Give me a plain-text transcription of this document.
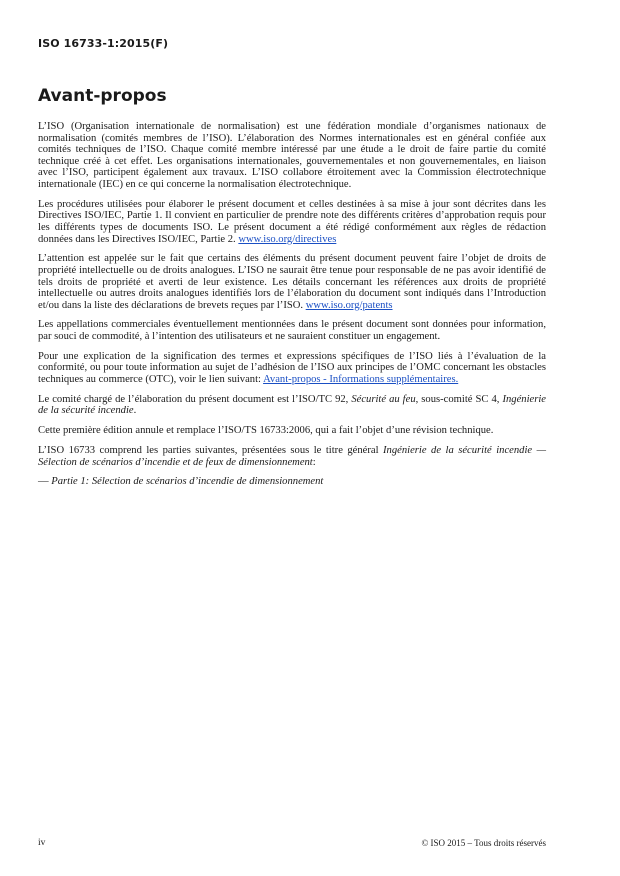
ISO 16733-1:2015(F)
Avant-propos

L’ISO (Organisation internationale de normalisation) est une fédération mondiale d’organismes nationaux de normalisation (comités membres de l’ISO). L’élaboration des Normes internationales est en général confiée aux comités techniques de l’ISO. Chaque comité membre intéressé par une étude a le droit de faire partie du comité technique créé à cet effet. Les organisations internationales, gouvernementales et non gouvernementales, en liaison avec l’ISO, participent également aux travaux. L’ISO collabore étroitement avec la Commission électrotechnique internationale (IEC) en ce qui concerne la normalisation électrotechnique.

Les procédures utilisées pour élaborer le présent document et celles destinées à sa mise à jour sont décrites dans les Directives ISO/IEC, Partie 1. Il convient en particulier de prendre note des différents critères d’approbation requis pour les différents types de documents ISO. Le présent document a été rédigé conformément aux règles de rédaction données dans les Directives ISO/IEC, Partie 2. www.iso.org/directives

L’attention est appelée sur le fait que certains des éléments du présent document peuvent faire l’objet de droits de propriété intellectuelle ou de droits analogues. L’ISO ne saurait être tenue pour responsable de ne pas avoir identifié de tels droits de propriété et averti de leur existence. Les détails concernant les références aux droits de propriété intellectuelle ou autres droits analogues identifiés lors de l’élaboration du document sont indiqués dans l’Introduction et/ou dans la liste des déclarations de brevets reçues par l’ISO. www.iso.org/patents

Les appellations commerciales éventuellement mentionnées dans le présent document sont données pour information, par souci de commodité, à l’intention des utilisateurs et ne sauraient constituer un engagement.

Pour une explication de la signification des termes et expressions spécifiques de l’ISO liés à l’évaluation de la conformité, ou pour toute information au sujet de l’adhésion de l’ISO aux principes de l’OMC concernant les obstacles techniques au commerce (OTC), voir le lien suivant: Avant-propos - Informations supplémentaires.

Le comité chargé de l’élaboration du présent document est l’ISO/TC 92, Sécurité au feu, sous-comité SC 4, Ingénierie de la sécurité incendie.

Cette première édition annule et remplace l’ISO/TS 16733:2006, qui a fait l’objet d’une révision technique.

L’ISO 16733 comprend les parties suivantes, présentées sous le titre général Ingénierie de la sécurité incendie — Sélection de scénarios d’incendie et de feux de dimensionnement:

— Partie 1: Sélection de scénarios d’incendie de dimensionnement

iv	© ISO 2015 – Tous droits réservés
